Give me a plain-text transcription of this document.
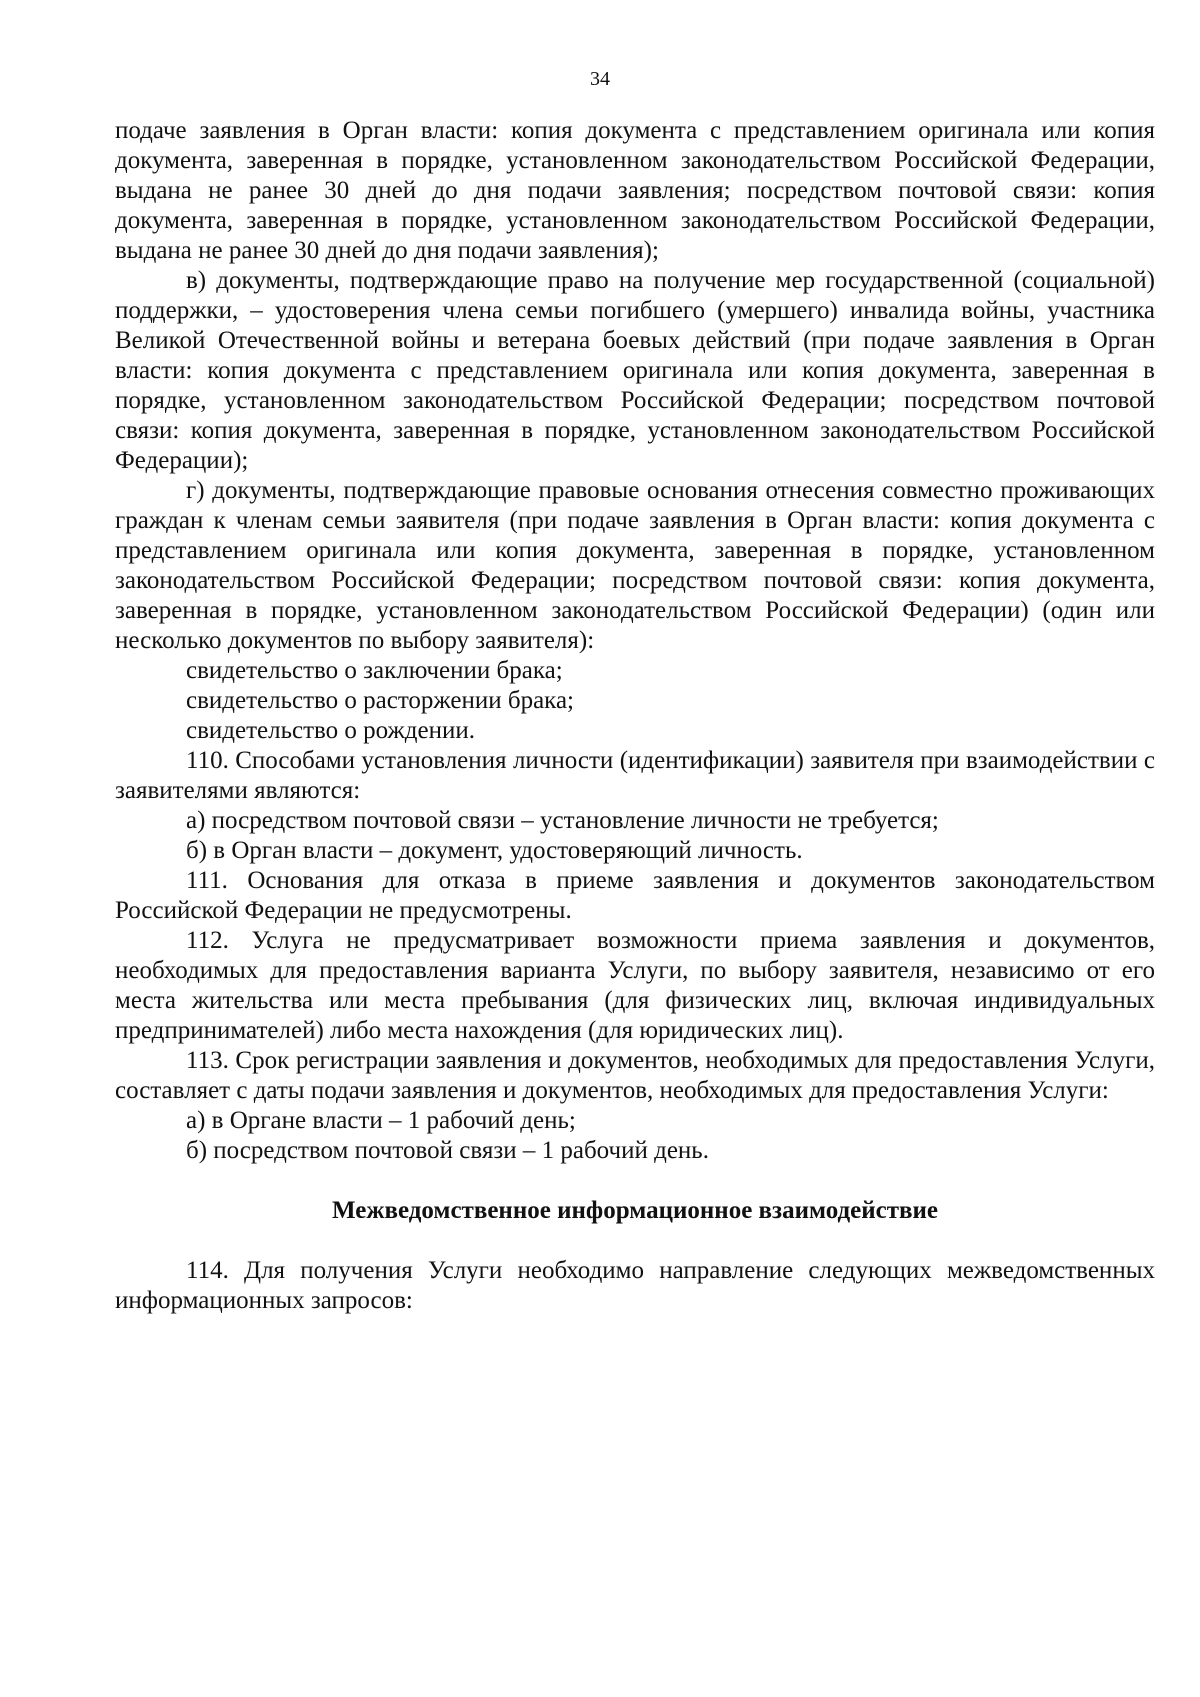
34

подаче заявления в Орган власти: копия документа с представлением оригинала или копия документа, заверенная в порядке, установленном законодательством Российской Федерации, выдана не ранее 30 дней до дня подачи заявления; посредством почтовой связи: копия документа, заверенная в порядке, установленном законодательством Российской Федерации, выдана не ранее 30 дней до дня подачи заявления);

в) документы, подтверждающие право на получение мер государственной (социальной) поддержки, – удостоверения члена семьи погибшего (умершего) инвалида войны, участника Великой Отечественной войны и ветерана боевых действий (при подаче заявления в Орган власти: копия документа с представлением оригинала или копия документа, заверенная в порядке, установленном законодательством Российской Федерации; посредством почтовой связи: копия документа, заверенная в порядке, установленном законодательством Российской Федерации);

г) документы, подтверждающие правовые основания отнесения совместно проживающих граждан к членам семьи заявителя (при подаче заявления в Орган власти: копия документа с представлением оригинала или копия документа, заверенная в порядке, установленном законодательством Российской Федерации; посредством почтовой связи: копия документа, заверенная в порядке, установленном законодательством Российской Федерации) (один или несколько документов по выбору заявителя):

свидетельство о заключении брака;

свидетельство о расторжении брака;

свидетельство о рождении.

110. Способами установления личности (идентификации) заявителя при взаимодействии с заявителями являются:

а) посредством почтовой связи – установление личности не требуется;

б) в Орган власти – документ, удостоверяющий личность.

111. Основания для отказа в приеме заявления и документов законодательством Российской Федерации не предусмотрены.

112. Услуга не предусматривает возможности приема заявления и документов, необходимых для предоставления варианта Услуги, по выбору заявителя, независимо от его места жительства или места пребывания (для физических лиц, включая индивидуальных предпринимателей) либо места нахождения (для юридических лиц).

113. Срок регистрации заявления и документов, необходимых для предоставления Услуги, составляет с даты подачи заявления и документов, необходимых для предоставления Услуги:

а) в Органе власти – 1 рабочий день;

б) посредством почтовой связи – 1 рабочий день.

Межведомственное информационное взаимодействие

114. Для получения Услуги необходимо направление следующих межведомственных информационных запросов:
